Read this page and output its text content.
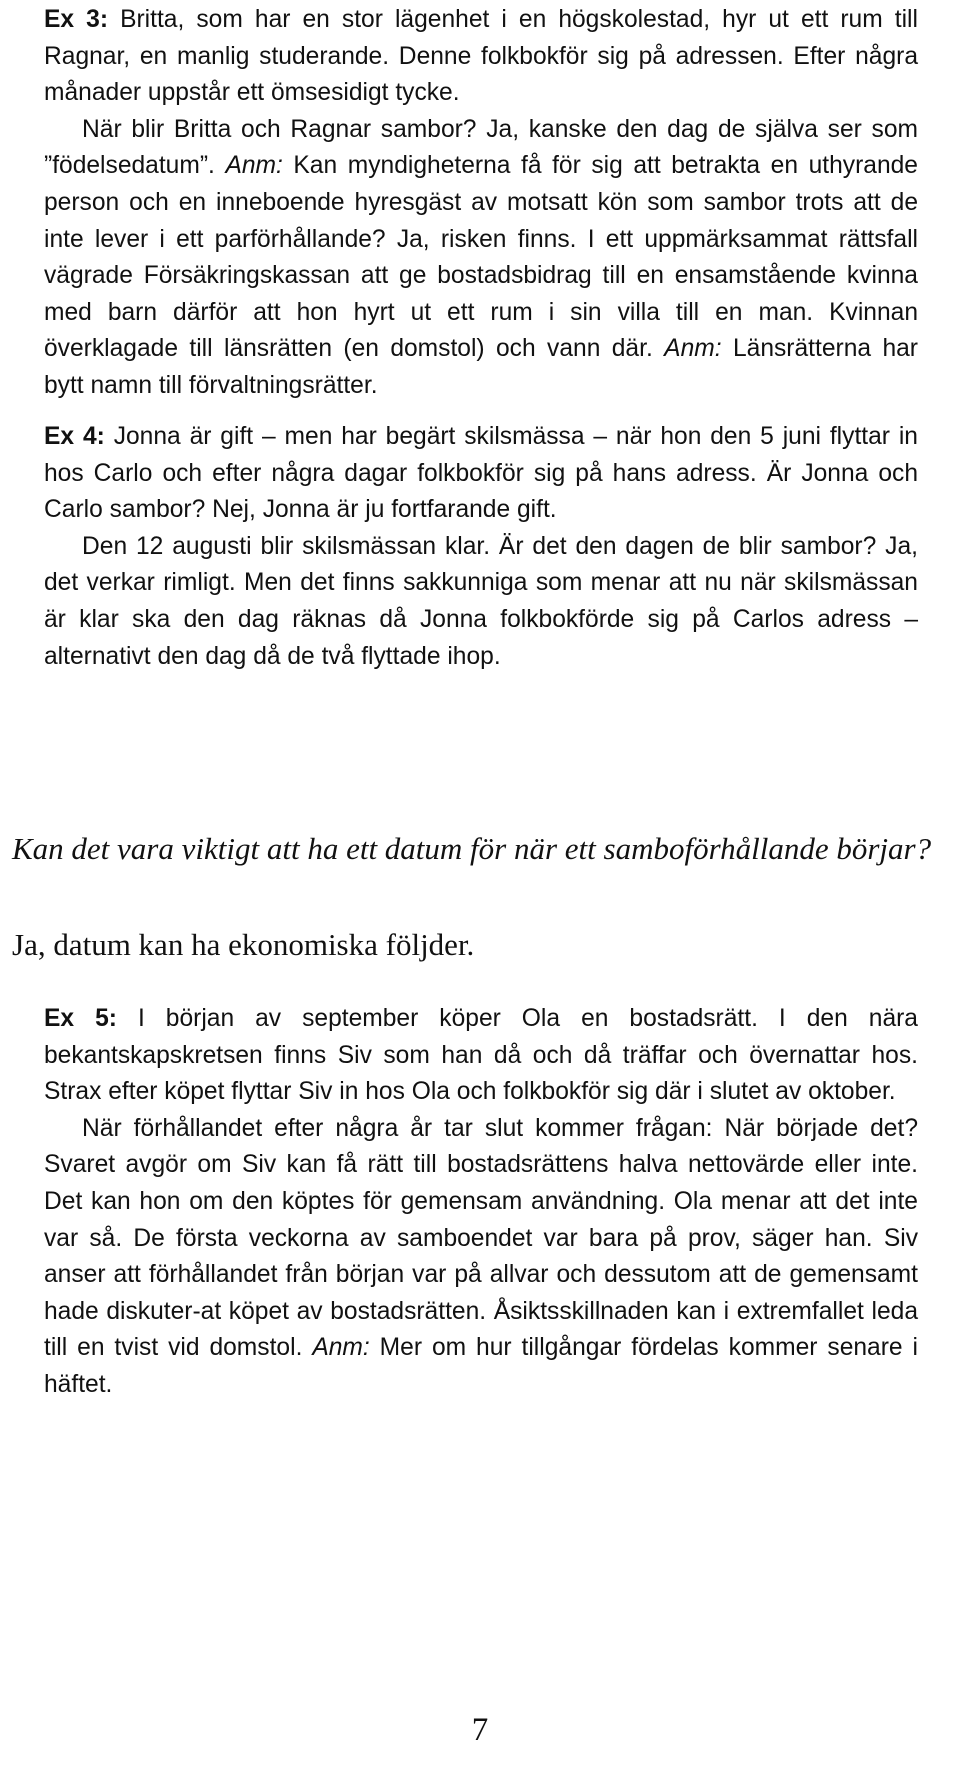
Ex 3: Britta, som har en stor lägenhet i en högskolestad, hyr ut ett rum till Ragnar, en manlig studerande. Denne folkbokför sig på adressen. Efter några månader uppstår ett ömsesidigt tycke.

När blir Britta och Ragnar sambor? Ja, kanske den dag de själva ser som ”födelsedatum”. Anm: Kan myndigheterna få för sig att betrakta en uthyrande person och en inneboende hyresgäst av motsatt kön som sambor trots att de inte lever i ett parförhållande? Ja, risken finns. I ett uppmärksammat rättsfall vägrade Försäkringskassan att ge bostadsbidrag till en ensamstående kvinna med barn därför att hon hyrt ut ett rum i sin villa till en man. Kvinnan överklagade till länsrätten (en domstol) och vann där. Anm: Länsrätterna har bytt namn till förvaltningsrätter.

Ex 4: Jonna är gift – men har begärt skilsmässa – när hon den 5 juni flyttar in hos Carlo och efter några dagar folkbokför sig på hans adress. Är Jonna och Carlo sambor? Nej, Jonna är ju fortfarande gift.

Den 12 augusti blir skilsmässan klar. Är det den dagen de blir sambor? Ja, det verkar rimligt. Men det finns sakkunniga som menar att nu när skilsmässan är klar ska den dag räknas då Jonna folkbokförde sig på Carlos adress – alternativt den dag då de två flyttade ihop.

Kan det vara viktigt att ha ett datum för när ett samboförhållande börjar?

Ja, datum kan ha ekonomiska följder.

Ex 5: I början av september köper Ola en bostadsrätt. I den nära bekantskapskretsen finns Siv som han då och då träffar och övernattar hos. Strax efter köpet flyttar Siv in hos Ola och folkbokför sig där i slutet av oktober.

När förhållandet efter några år tar slut kommer frågan: När började det? Svaret avgör om Siv kan få rätt till bostadsrättens halva nettovärde eller inte. Det kan hon om den köptes för gemensam användning. Ola menar att det inte var så. De första veckorna av samboendet var bara på prov, säger han. Siv anser att förhållandet från början var på allvar och dessutom att de gemensamt hade diskuter-at köpet av bostadsrätten. Åsiktsskillnaden kan i extremfallet leda till en tvist vid domstol. Anm: Mer om hur tillgångar fördelas kommer senare i häftet.

7
